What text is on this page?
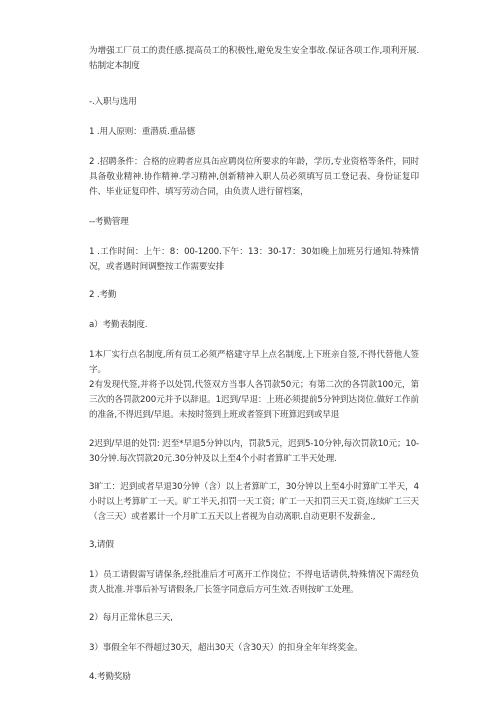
为增强工厂员工的责任感.提高员工的积极性,避免发生安全事故.保证各项工作,项利开展.牯制定本制度

-.入职与选用

1 .用人原则：重潜质.重品德

2 .招聘条件：合格的应聘者应具缶应聘岗位所要求的年龄，学历,专业资格等条件，同时具备敬业精神.协作精神.学习精神,创新精神入职人员必须填写员工登记表、身份证复印件、毕业证复印件、填写劳动合同，由负责人进行留档案，

--考勤管理

1 .工作时间：上午：8：00-1200.下午：13：30-17：30如晚上加班另行通知.特殊情况，或者遇时间调整按工作需要安排

2 .考勤

a）考勤表制度.

1本厂实行点名制度,所有员工必须严格建守早上点名制度,上下班亲自签,不得代替他人签字。

2有发现代签,并将予以处罚,代签双方当事人各罚款50元；有第二次的各罚款100元，第三次的各罚款200元并予以辞退。1迟到/早退：上班必须提前5分钟到达岗位.做好工作前的准备,不得迟到/早退。未按时签到上班或者签到下班算迟到或早退

2迟到/早退的处罚: 迟至*早退5分钟以内，罚款5元，迟到5-10分钟,每次罚款10元；10-30分钟.每次罚款20元.30分钟及以上至4个小时者算旷工半天处理.

3旷工：迟到或者早退30分钟（含）以上者算旷工，30分钟以上至4小时算旷工半天，4小时以上考算旷工一天。旷工半天,扣罚一天工资；旷工一天扣罚三天工资,连续旷工三天（含三天）或者累计一个月旷工五天以上者视为自动离职.自动更职不发薪金.,

3,请假

1）员工请假需写请保条,经批准后才可离开工作岗位；不得电话请供,特殊情况下需经负责人批准.并事后补写请假条,厂长签字同意后方可生效.否则按旷工处理。

2）每月正常休息三天,

3）事假全年不得超过30天，超出30天（含30天）的扣身全年年终奖金。

4.考勤奖励
